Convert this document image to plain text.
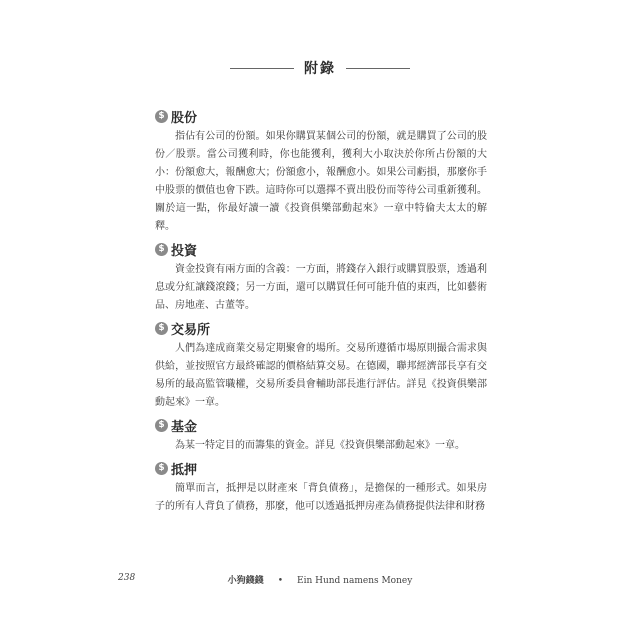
附錄
$ 股份

指佔有公司的份額。如果你購買某個公司的份額，就是購買了公司的股份／股票。當公司獲利時，你也能獲利，獲利大小取決於你所占份額的大小：份額愈大，報酬愈大；份額愈小，報酬愈小。如果公司虧損，那麼你手中股票的價值也會下跌。這時你可以選擇不賣出股份而等待公司重新獲利。關於這一點，你最好讀一讀《投資俱樂部動起來》一章中特倫夫太太的解釋。

$ 投資

資金投資有兩方面的含義：一方面，將錢存入銀行或購買股票，透過利息或分紅讓錢滾錢；另一方面，還可以購買任何可能升值的東西，比如藝術品、房地產、古董等。

$ 交易所

人們為達成商業交易定期聚會的場所。交易所遵循市場原則撮合需求與供給，並按照官方最終確認的價格結算交易。在德國，聯邦經濟部長享有交易所的最高監管職權，交易所委員會輔助部長進行評估。詳見《投資俱樂部動起來》一章。

$ 基金

為某一特定目的而籌集的資金。詳見《投資俱樂部動起來》一章。

$ 抵押

簡單而言，抵押是以財產來「背負債務」，是擔保的一種形式。如果房子的所有人背負了債務，那麼，他可以透過抵押房產為債務提供法律和財務

238	小狗錢錢 • Ein Hund namens Money
